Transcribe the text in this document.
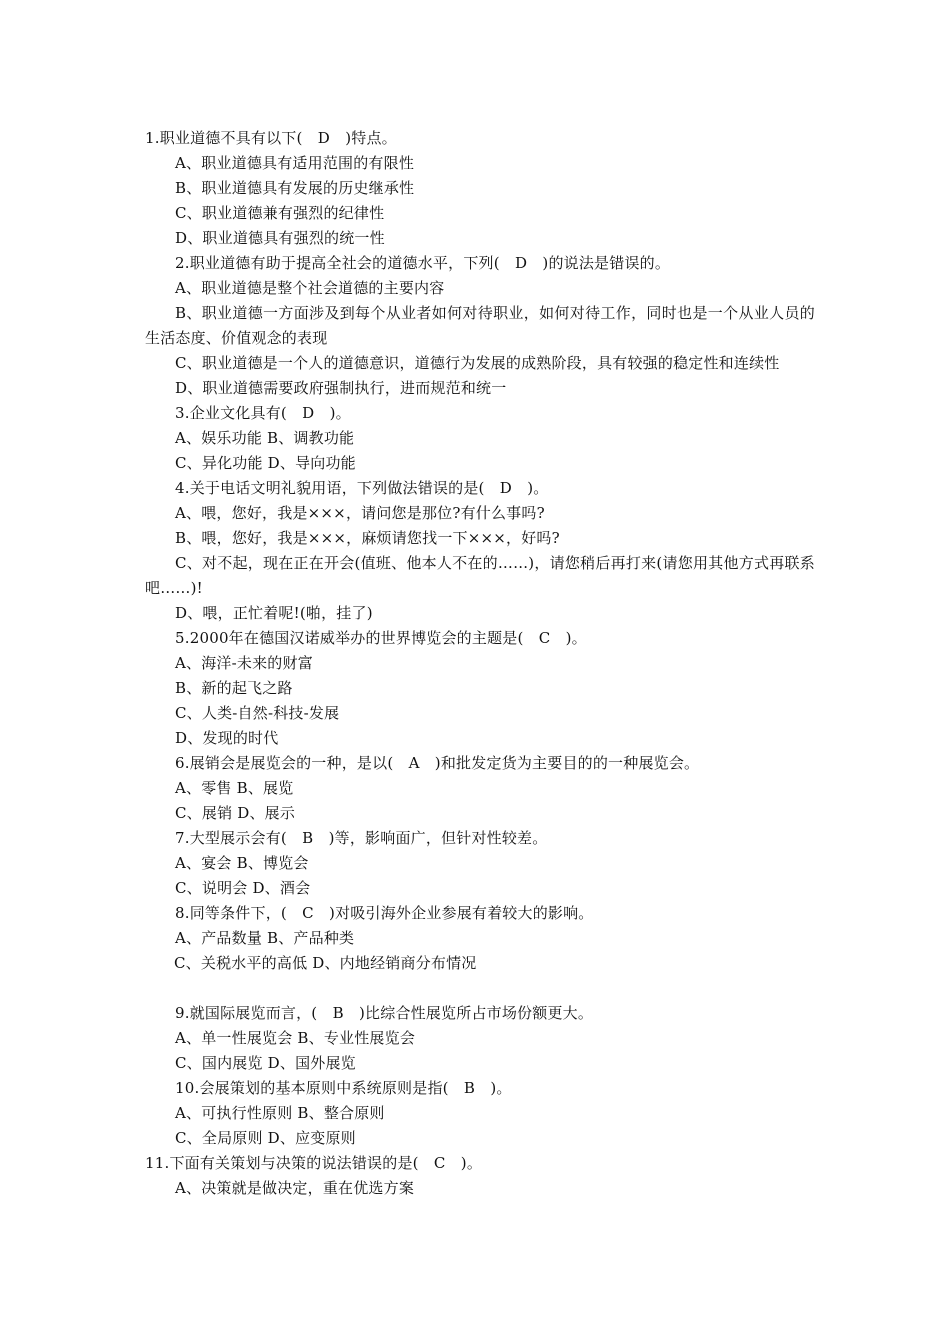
1.职业道德不具有以下(　D　)特点。
A、职业道德具有适用范围的有限性
B、职业道德具有发展的历史继承性
C、职业道德兼有强烈的纪律性
D、职业道德具有强烈的统一性
2.职业道德有助于提高全社会的道德水平，下列(　D　)的说法是错误的。
A、职业道德是整个社会道德的主要内容
B、职业道德一方面涉及到每个从业者如何对待职业，如何对待工作，同时也是一个从业人员的生活态度、价值观念的表现
C、职业道德是一个人的道德意识，道德行为发展的成熟阶段，具有较强的稳定性和连续性
D、职业道德需要政府强制执行，进而规范和统一
3.企业文化具有(　D　)。
A、娱乐功能 B、调教功能
C、异化功能 D、导向功能
4.关于电话文明礼貌用语，下列做法错误的是(　D　)。
A、喂，您好，我是×××，请问您是那位?有什么事吗?
B、喂，您好，我是×××，麻烦请您找一下×××，好吗?
C、对不起，现在正在开会(值班、他本人不在的……)，请您稍后再打来(请您用其他方式再联系吧……)!
D、喂，正忙着呢!(啪，挂了)
5.2000年在德国汉诺威举办的世界博览会的主题是(　C　)。
A、海洋-未来的财富
B、新的起飞之路
C、人类-自然-科技-发展
D、发现的时代
6.展销会是展览会的一种，是以(　A　)和批发定货为主要目的的一种展览会。
A、零售 B、展览
C、展销 D、展示
7.大型展示会有(　B　)等，影响面广，但针对性较差。
A、宴会 B、博览会
C、说明会 D、酒会
8.同等条件下，(　C　)对吸引海外企业参展有着较大的影响。
A、产品数量 B、产品种类
C、关税水平的高低 D、内地经销商分布情况
9.就国际展览而言，(　B　)比综合性展览所占市场份额更大。
A、单一性展览会 B、专业性展览会
C、国内展览 D、国外展览
10.会展策划的基本原则中系统原则是指(　B　)。
A、可执行性原则 B、整合原则
C、全局原则 D、应变原则
11.下面有关策划与决策的说法错误的是(　C　)。
A、决策就是做决定，重在优选方案
